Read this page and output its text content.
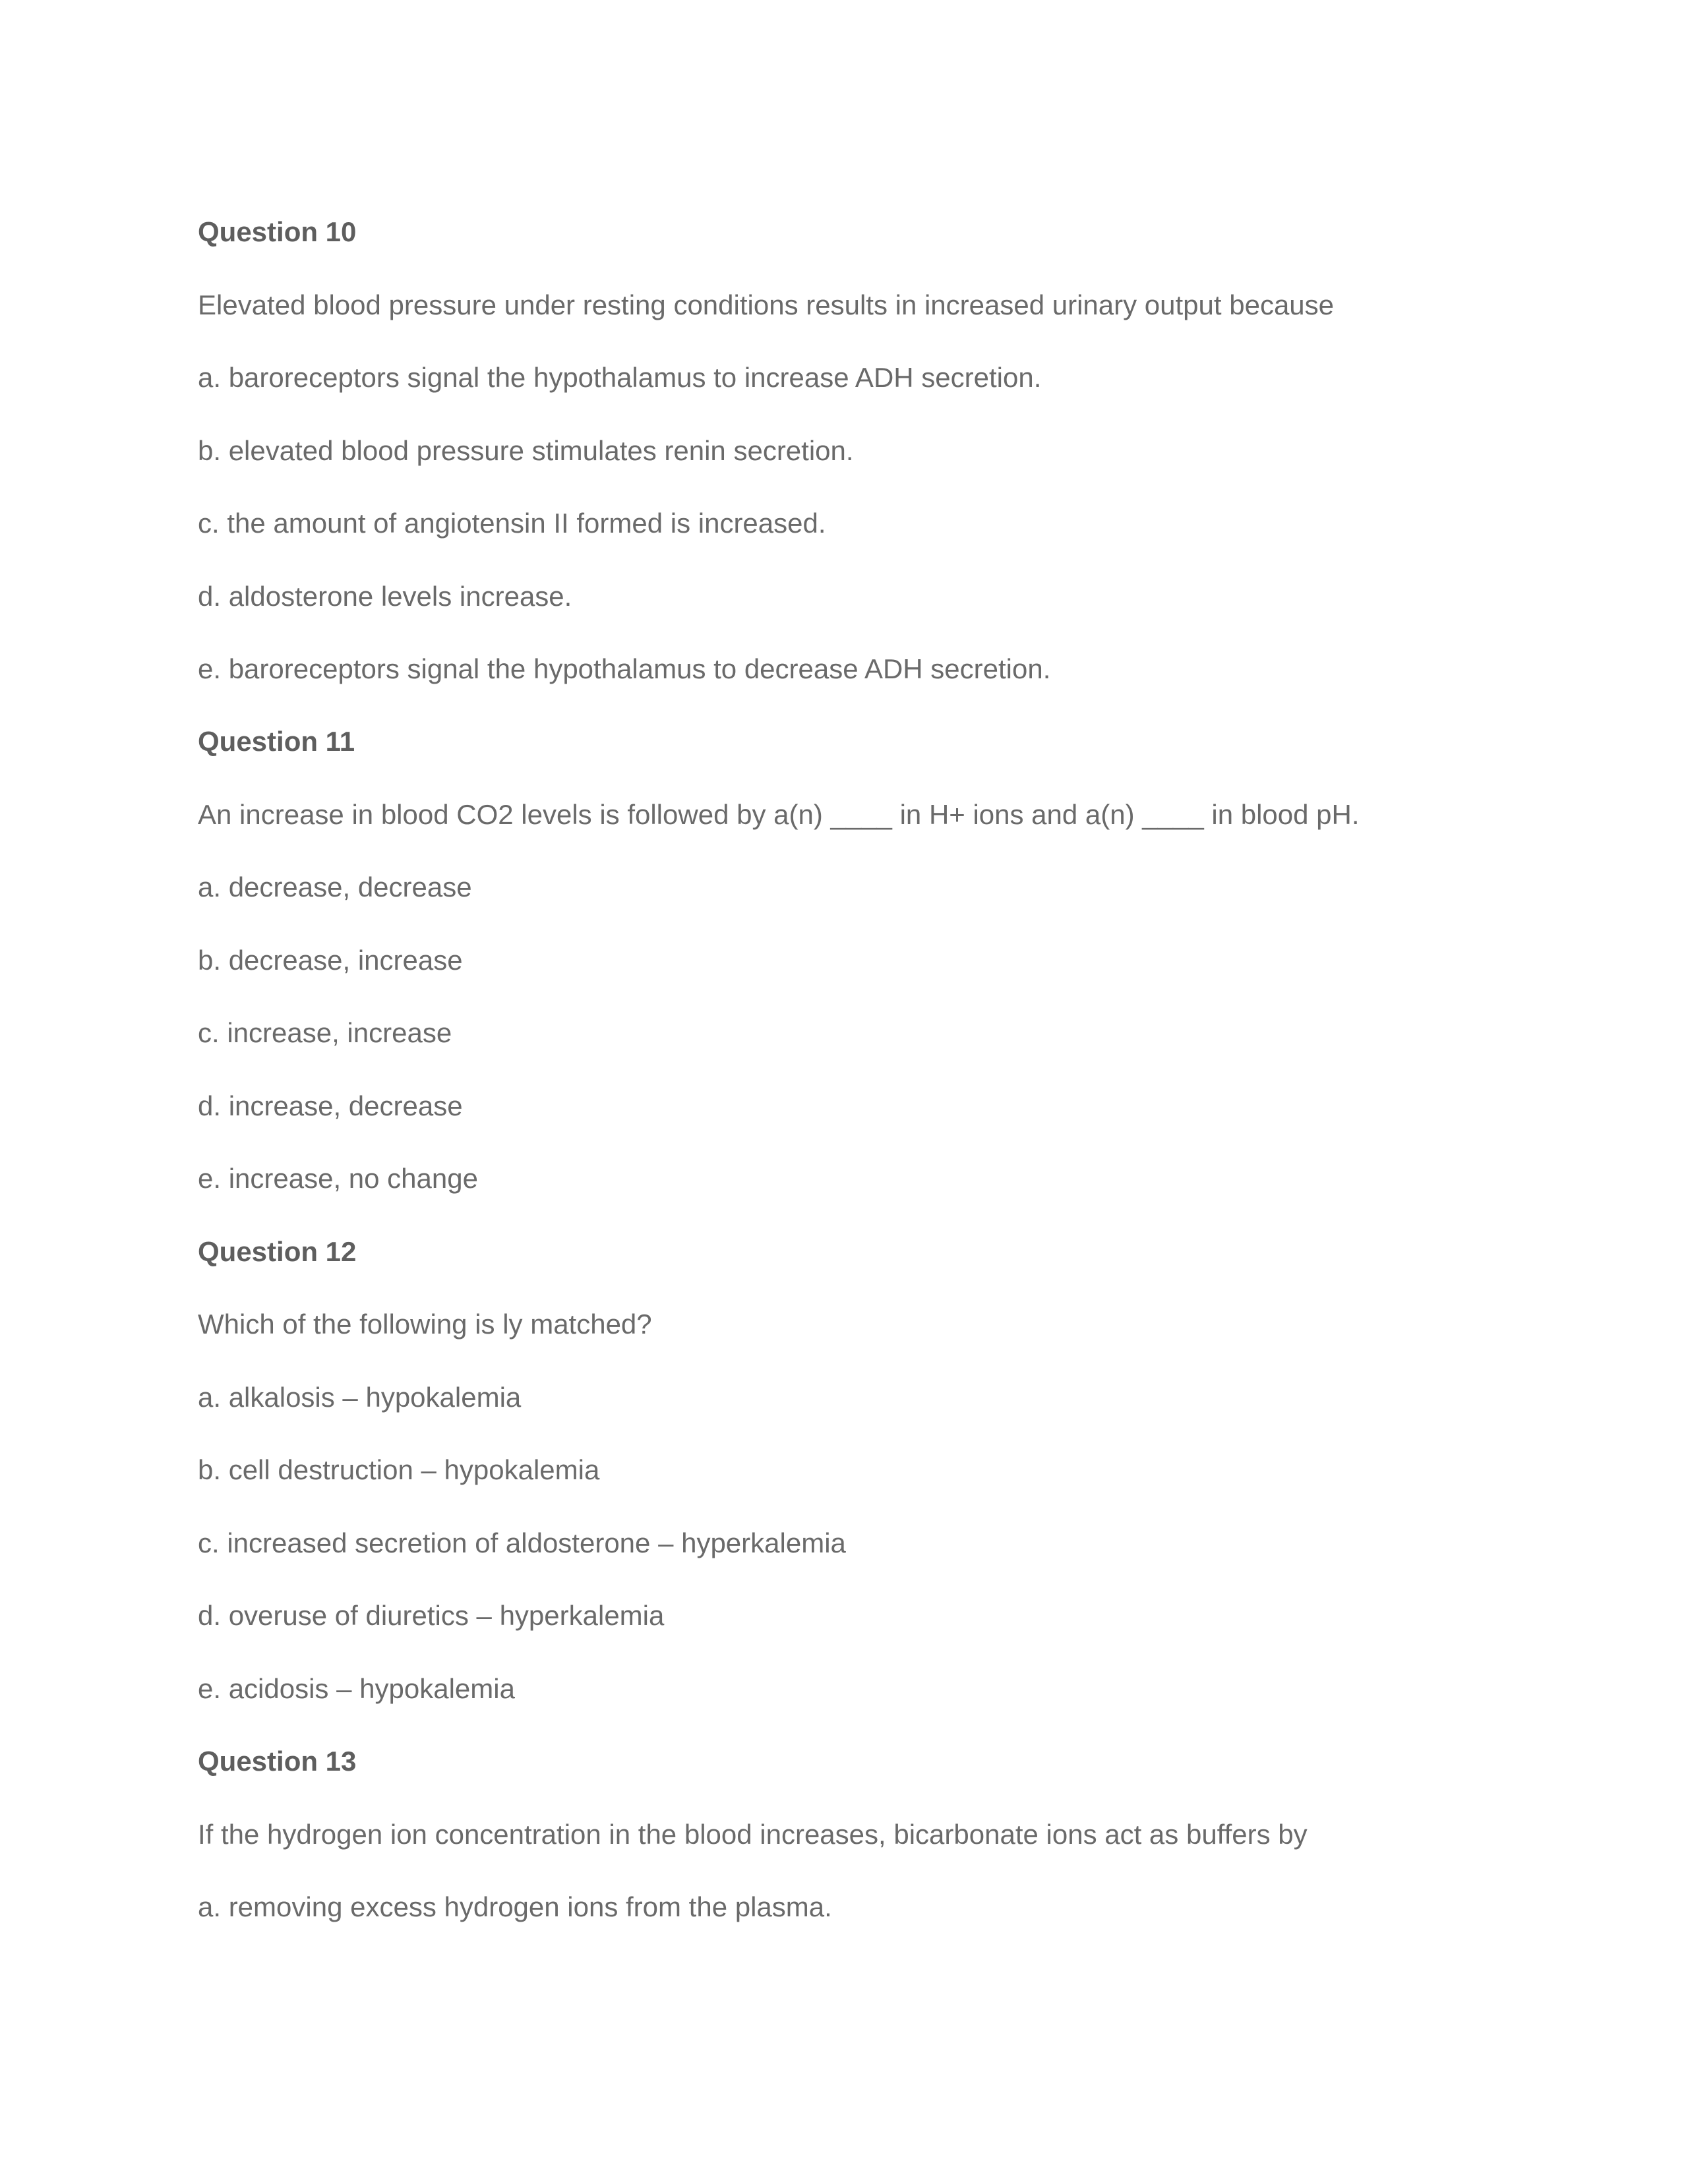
Question 10
Elevated blood pressure under resting conditions results in increased urinary output because
a. baroreceptors signal the hypothalamus to increase ADH secretion.
b. elevated blood pressure stimulates renin secretion.
c. the amount of angiotensin II formed is increased.
d. aldosterone levels increase.
e. baroreceptors signal the hypothalamus to decrease ADH secretion.
Question 11
An increase in blood CO2 levels is followed by a(n) ____ in H+ ions and a(n) ____ in blood pH.
a. decrease, decrease
b. decrease, increase
c. increase, increase
d. increase, decrease
e. increase, no change
Question 12
Which of the following is ly matched?
a. alkalosis – hypokalemia
b. cell destruction – hypokalemia
c. increased secretion of aldosterone – hyperkalemia
d. overuse of diuretics – hyperkalemia
e. acidosis – hypokalemia
Question 13
If the hydrogen ion concentration in the blood increases, bicarbonate ions act as buffers by
a. removing excess hydrogen ions from the plasma.
